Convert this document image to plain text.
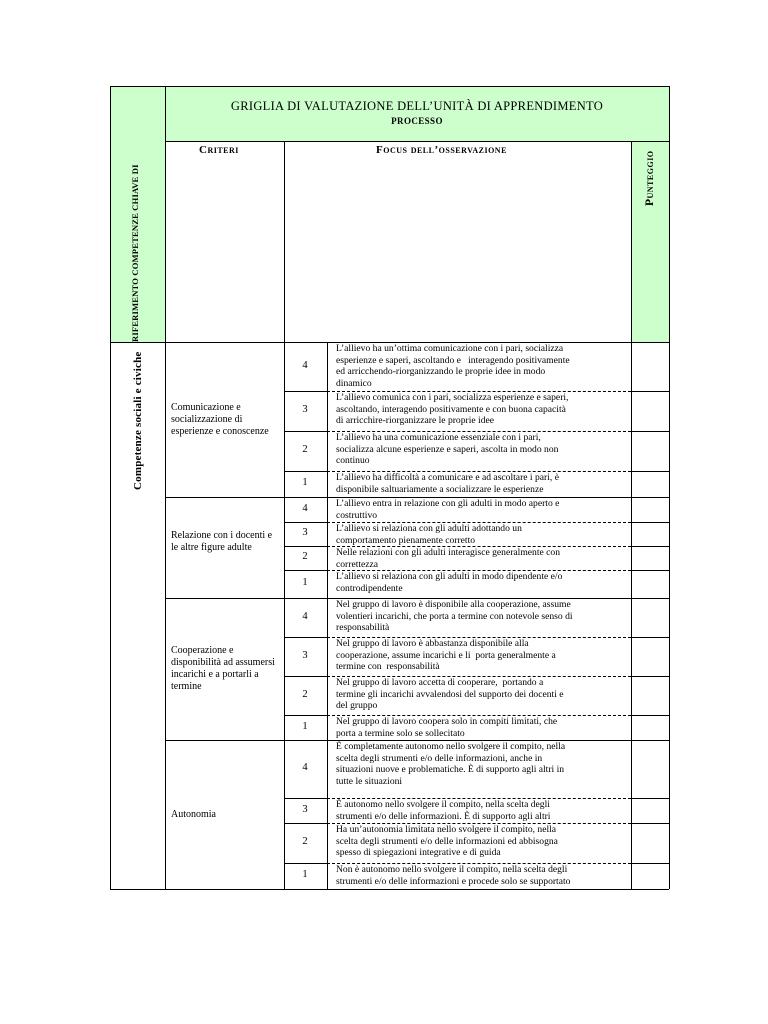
GRIGLIA DI VALUTAZIONE DELL’UNITÀ DI APPRENDIMENTO
PROCESSO
Criteri	Focus dell’osservazione
Punteggio
RIFERIMENTO COMPETENZE CHIAVE DI
Competenze sociali e civiche	Comunicazione e socializzazione di esperienze e conoscenze
4
L’allievo ha un’ottima comunicazione con i pari, socializza
esperienze e saperi, ascoltando e   interagendo positivamente
ed arricchendo-riorganizzando le proprie idee in modo
dinamico
3
L’allievo comunica con i pari, socializza esperienze e saperi,
ascoltando, interagendo positivamente e con buona capacità
di arricchire-riorganizzare le proprie idee
2
L’allievo ha una comunicazione essenziale con i pari,
socializza alcune esperienze e saperi, ascolta in modo non
continuo
1	L’allievo ha difficoltà a comunicare e ad ascoltare i pari, è
disponibile saltuariamente a socializzare le esperienze
Relazione con i docenti e le altre figure adulte
4	L’allievo entra in relazione con gli adulti in modo aperto e
costruttivo
3	L’allievo si relaziona con gli adulti adottando un
comportamento pienamente corretto
2	Nelle relazioni con gli adulti interagisce generalmente con
correttezza
1
L’allievo si relaziona con gli adulti in modo dipendente e/o
controdipendente
Cooperazione e disponibilità ad assumersi incarichi e a portarli a termine
4
Nel gruppo di lavoro è disponibile alla cooperazione, assume
volentieri incarichi, che porta a termine con notevole senso di
responsabilità
3
Nel gruppo di lavoro è abbastanza disponibile alla
cooperazione, assume incarichi e li  porta generalmente a
termine con  responsabilità
2
Nel gruppo di lavoro accetta di cooperare,  portando a
termine gli incarichi avvalendosi del supporto dei docenti e
del gruppo
1	Nel gruppo di lavoro coopera solo in compiti limitati, che
porta a termine solo se sollecitato
Autonomia
4
È completamente autonomo nello svolgere il compito, nella
scelta degli strumenti e/o delle informazioni, anche in
situazioni nuove e problematiche. È di supporto agli altri in
tutte le situazioni
3	È autonomo nello svolgere il compito, nella scelta degli
strumenti e/o delle informazioni. È di supporto agli altri
2
Ha un’autonomia limitata nello svolgere il compito, nella
scelta degli strumenti e/o delle informazioni ed abbisogna
spesso di spiegazioni integrative e di guida
1	Non è autonomo nello svolgere il compito, nella scelta degli
strumenti e/o delle informazioni e procede solo se supportato
